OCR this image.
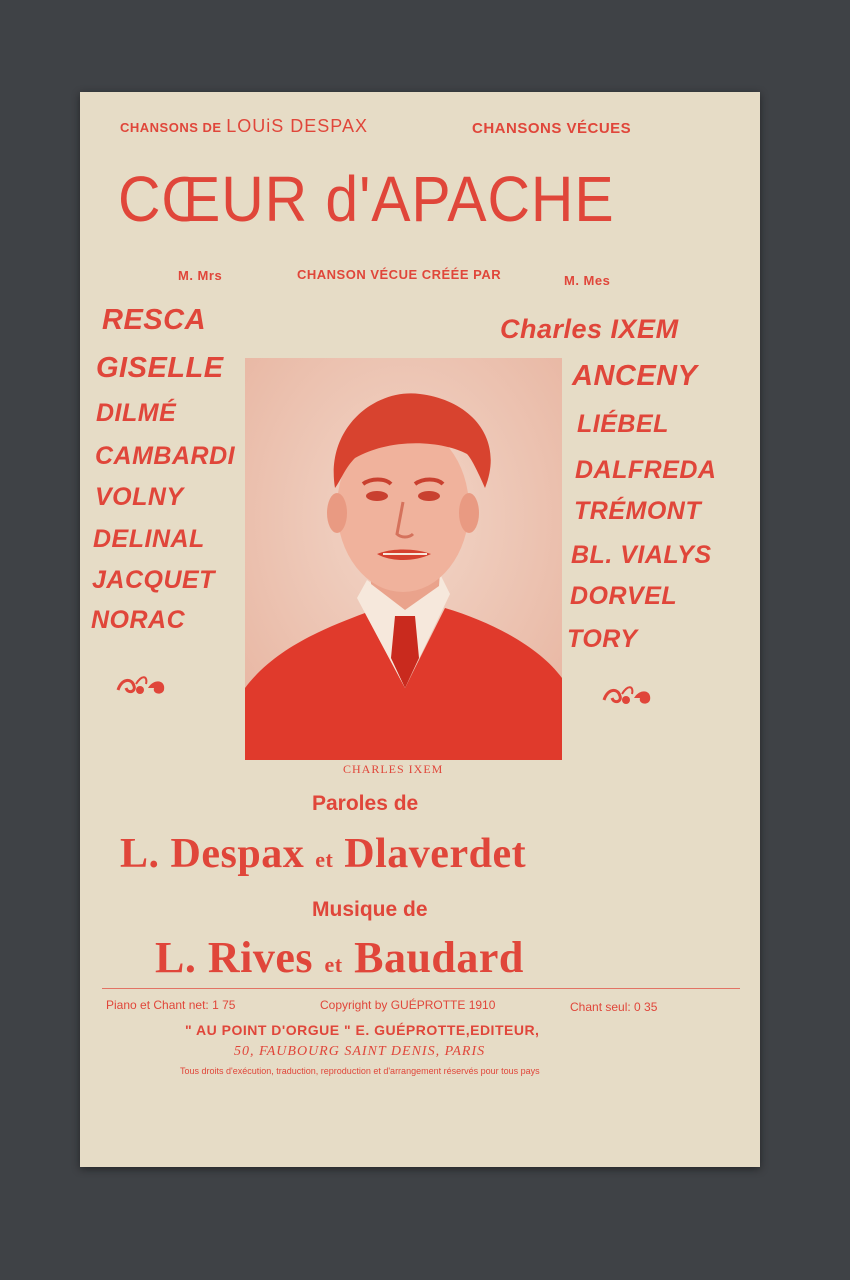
CHANSONS DE LOUiS DESPAX	CHANSONS VÉCUES
CŒUR d'APACHE
M. Mrs	CHANSON VÉCUE CRÉÉE PAR	M. Mes
RESCA
GISELLE
DILMÉ
CAMBARDI
VOLNY
DELINAL
JACQUET
NORAC
Charles IXEM
ANCENY
LIÉBEL
DALFREDA
TRÉMONT
BL. VIALYS
DORVEL
TORY
CHARLES IXEM
Paroles de
L. Despax et Dlaverdet
Musique de
L. Rives et Baudard
Piano et Chant net: 1 75	Copyright by GUÉPROTTE 1910	Chant seul: 0 35
" AU POINT D'ORGUE " E. GUÉPROTTE,EDITEUR,
50, FAUBOURG SAINT DENIS, PARIS
Tous droits d'exécution, traduction, reproduction et d'arrangement réservés pour tous pays
